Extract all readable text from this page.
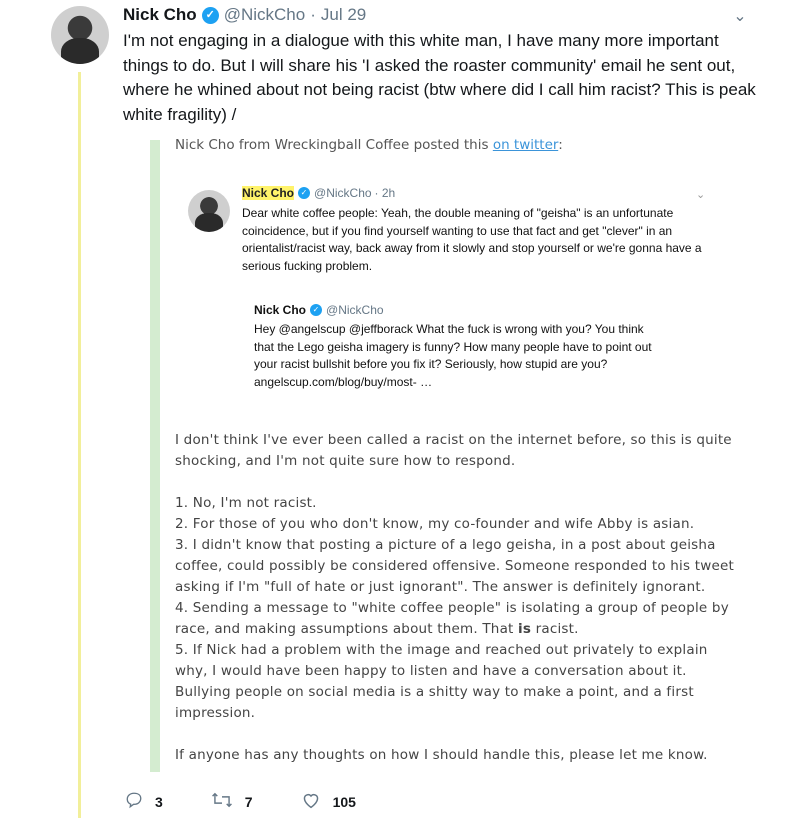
Nick Cho ✓ @NickCho · Jul 29	⌄
I'm not engaging in a dialogue with this white man, I have many more important things to do. But I will share his 'I asked the roaster community' email he sent out, where he whined about not being racist (btw where did I call him racist? This is peak white fragility) /
Nick Cho from Wreckingball Coffee posted this on twitter:
Nick Cho ✓ @NickCho · 2h	⌄
Dear white coffee people: Yeah, the double meaning of "geisha" is an unfortunate coincidence, but if you find yourself wanting to use that fact and get "clever" in an orientalist/racist way, back away from it slowly and stop yourself or we're gonna have a serious fucking problem.
Nick Cho ✓ @NickCho
Hey @angelscup @jeffborack What the fuck is wrong with you? You think that the Lego geisha imagery is funny? How many people have to point out your racist bullshit before you fix it? Seriously, how stupid are you? angelscup.com/blog/buy/most- …

I don't think I've ever been called a racist on the internet before, so this is quite shocking, and I'm not quite sure how to respond.

1. No, I'm not racist.

2. For those of you who don't know, my co-founder and wife Abby is asian.

3. I didn't know that posting a picture of a lego geisha, in a post about geisha coffee, could possibly be considered offensive. Someone responded to his tweet asking if I'm "full of hate or just ignorant". The answer is definitely ignorant.

4. Sending a message to "white coffee people" is isolating a group of people by race, and making assumptions about them. That is racist.

5. If Nick had a problem with the image and reached out privately to explain why, I would have been happy to listen and have a conversation about it. Bullying people on social media is a shitty way to make a point, and a first impression.

If anyone has any thoughts on how I should handle this, please let me know.

3	7	105
